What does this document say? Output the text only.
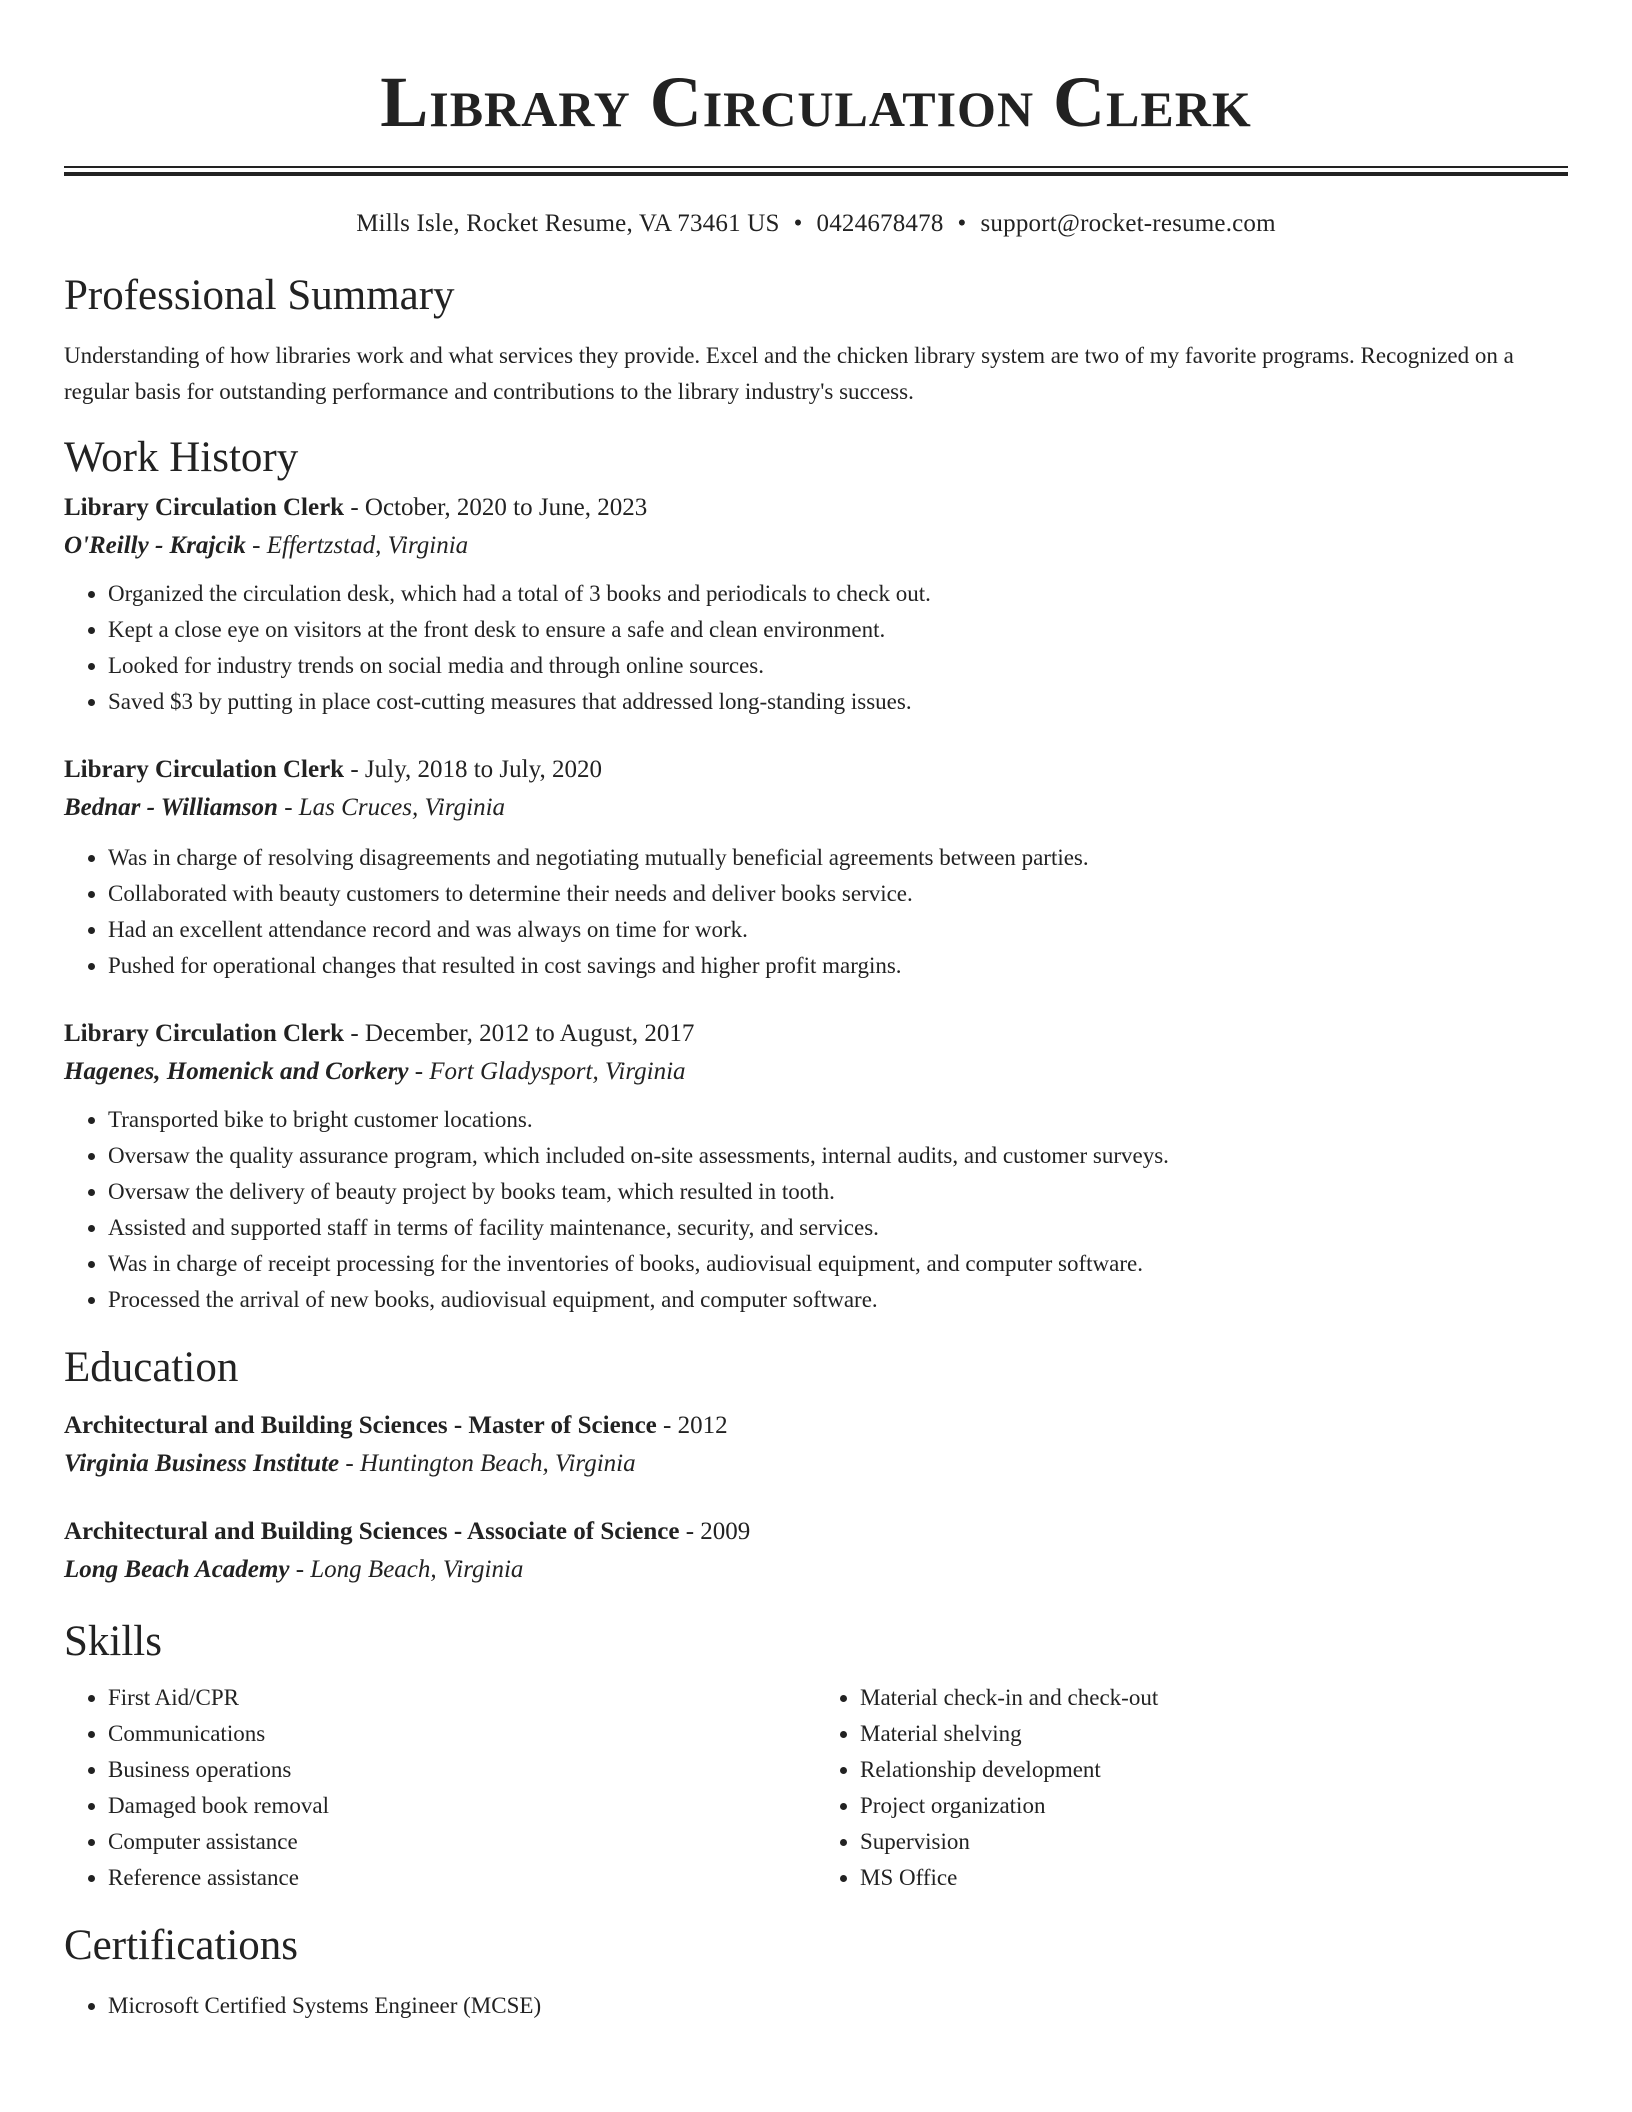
Library Circulation Clerk
Mills Isle, Rocket Resume, VA 73461 US • 0424678478 • support@rocket-resume.com
Professional Summary

Understanding of how libraries work and what services they provide. Excel and the chicken library system are two of my favorite programs. Recognized on a regular basis for outstanding performance and contributions to the library industry's success.

Work History
Library Circulation Clerk - October, 2020 to June, 2023
O'Reilly - Krajcik - Effertzstad, Virginia
• Organized the circulation desk, which had a total of 3 books and periodicals to check out.
• Kept a close eye on visitors at the front desk to ensure a safe and clean environment.
• Looked for industry trends on social media and through online sources.
• Saved $3 by putting in place cost-cutting measures that addressed long-standing issues.
Library Circulation Clerk - July, 2018 to July, 2020
Bednar - Williamson - Las Cruces, Virginia
• Was in charge of resolving disagreements and negotiating mutually beneficial agreements between parties.
• Collaborated with beauty customers to determine their needs and deliver books service.
• Had an excellent attendance record and was always on time for work.
• Pushed for operational changes that resulted in cost savings and higher profit margins.
Library Circulation Clerk - December, 2012 to August, 2017
Hagenes, Homenick and Corkery - Fort Gladysport, Virginia
• Transported bike to bright customer locations.
• Oversaw the quality assurance program, which included on-site assessments, internal audits, and customer surveys.
• Oversaw the delivery of beauty project by books team, which resulted in tooth.
• Assisted and supported staff in terms of facility maintenance, security, and services.
• Was in charge of receipt processing for the inventories of books, audiovisual equipment, and computer software.
• Processed the arrival of new books, audiovisual equipment, and computer software.
Education
Architectural and Building Sciences - Master of Science - 2012
Virginia Business Institute - Huntington Beach, Virginia
Architectural and Building Sciences - Associate of Science - 2009
Long Beach Academy - Long Beach, Virginia
Skills
• First Aid/CPR
• Communications
• Business operations
• Damaged book removal
• Computer assistance
• Reference assistance
• Material check-in and check-out
• Material shelving
• Relationship development
• Project organization
• Supervision
• MS Office
Certifications
• Microsoft Certified Systems Engineer (MCSE)
